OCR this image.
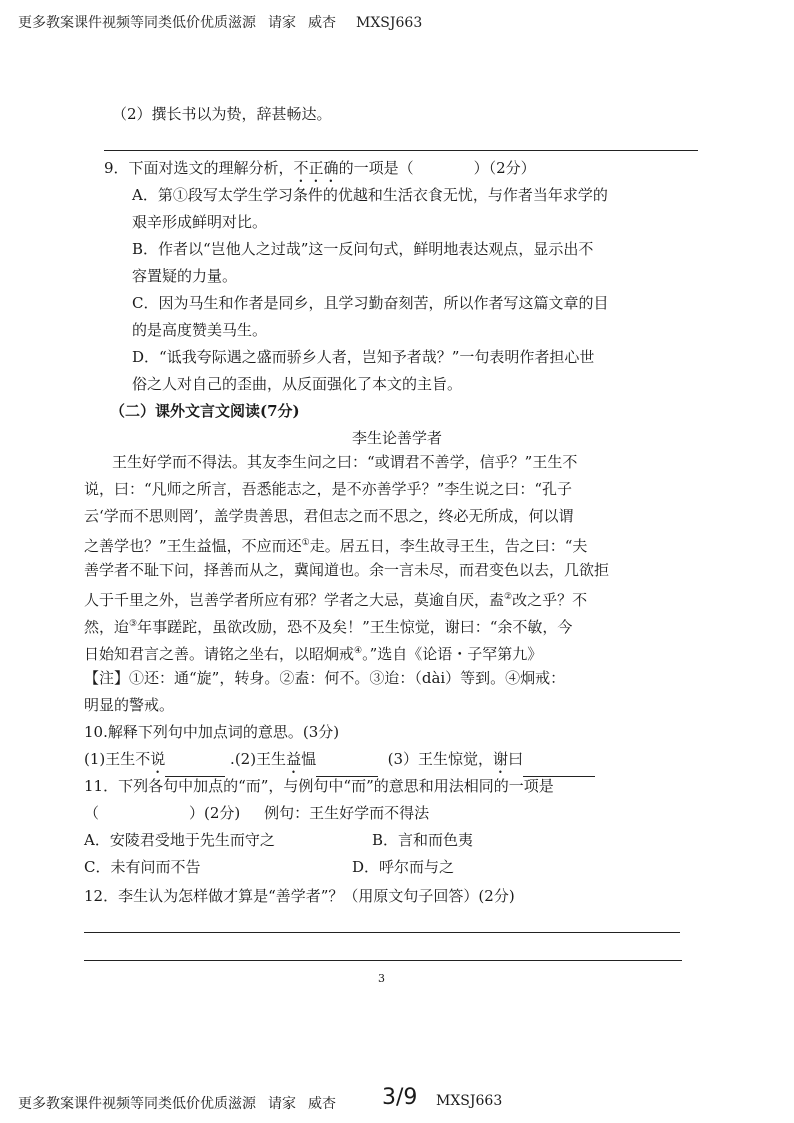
更多教案课件视频等同类低价优质滋源 请家 威杏 MXSJ663
（2）撰长书以为贽，辞甚畅达。
9．下面对选文的理解分析，不正确的一项是（　　　　）（2分）
A．第①段写太学生学习条件的优越和生活衣食无忧，与作者当年求学的
艰辛形成鲜明对比。
B．作者以“岂他人之过哉”这一反问句式，鲜明地表达观点，显示出不
容置疑的力量。
C．因为马生和作者是同乡，且学习勤奋刻苦，所以作者写这篇文章的目
的是高度赞美马生。
D．“诋我夸际遇之盛而骄乡人者，岂知予者哉？”一句表明作者担心世
俗之人对自己的歪曲，从反面强化了本文的主旨。
（二）课外文言文阅读(7分)
李生论善学者
王生好学而不得法。其友李生问之曰：“或谓君不善学，信乎？”王生不
说，曰：“凡师之所言，吾悉能志之，是不亦善学乎？”李生说之曰：“孔子
云‘学而不思则罔’，盖学贵善思，君但志之而不思之，终必无所成，何以谓
之善学也？”王生益愠，不应而还①走。居五日，李生故寻王生，告之曰：“夫
善学者不耻下问，择善而从之，冀闻道也。余一言未尽，而君变色以去，几欲拒
人于千里之外，岂善学者所应有邪？学者之大忌，莫逾自厌，盍②改之乎？不
然，迨③年事蹉跎，虽欲改励，恐不及矣！”王生惊觉，谢曰：“余不敏，今
日始知君言之善。请铭之坐右，以昭炯戒④。”选自《论语・子罕第九》
【注】①还：通“旋”，转身。②盍：何不。③迨：（dài）等到。④炯戒：
明显的警戒。
10.解释下列句中加点词的意思。(3分)
(1)王生不说	.(2)王生益愠	(3）王生惊觉，谢曰
11．下列各句中加点的“而”，与例句中“而”的意思和用法相同的一项是
（　　　　　　）(2分) 例句：王生好学而不得法
A．安陵君受地于先生而守之	B．言和而色夷
C．未有问而不告	D．呼尔而与之
12．李生认为怎样做才算是“善学者”？（用原文句子回答）(2分)
3
更多教案课件视频等同类低价优质滋源 请家 威杏 3/9 MXSJ663
